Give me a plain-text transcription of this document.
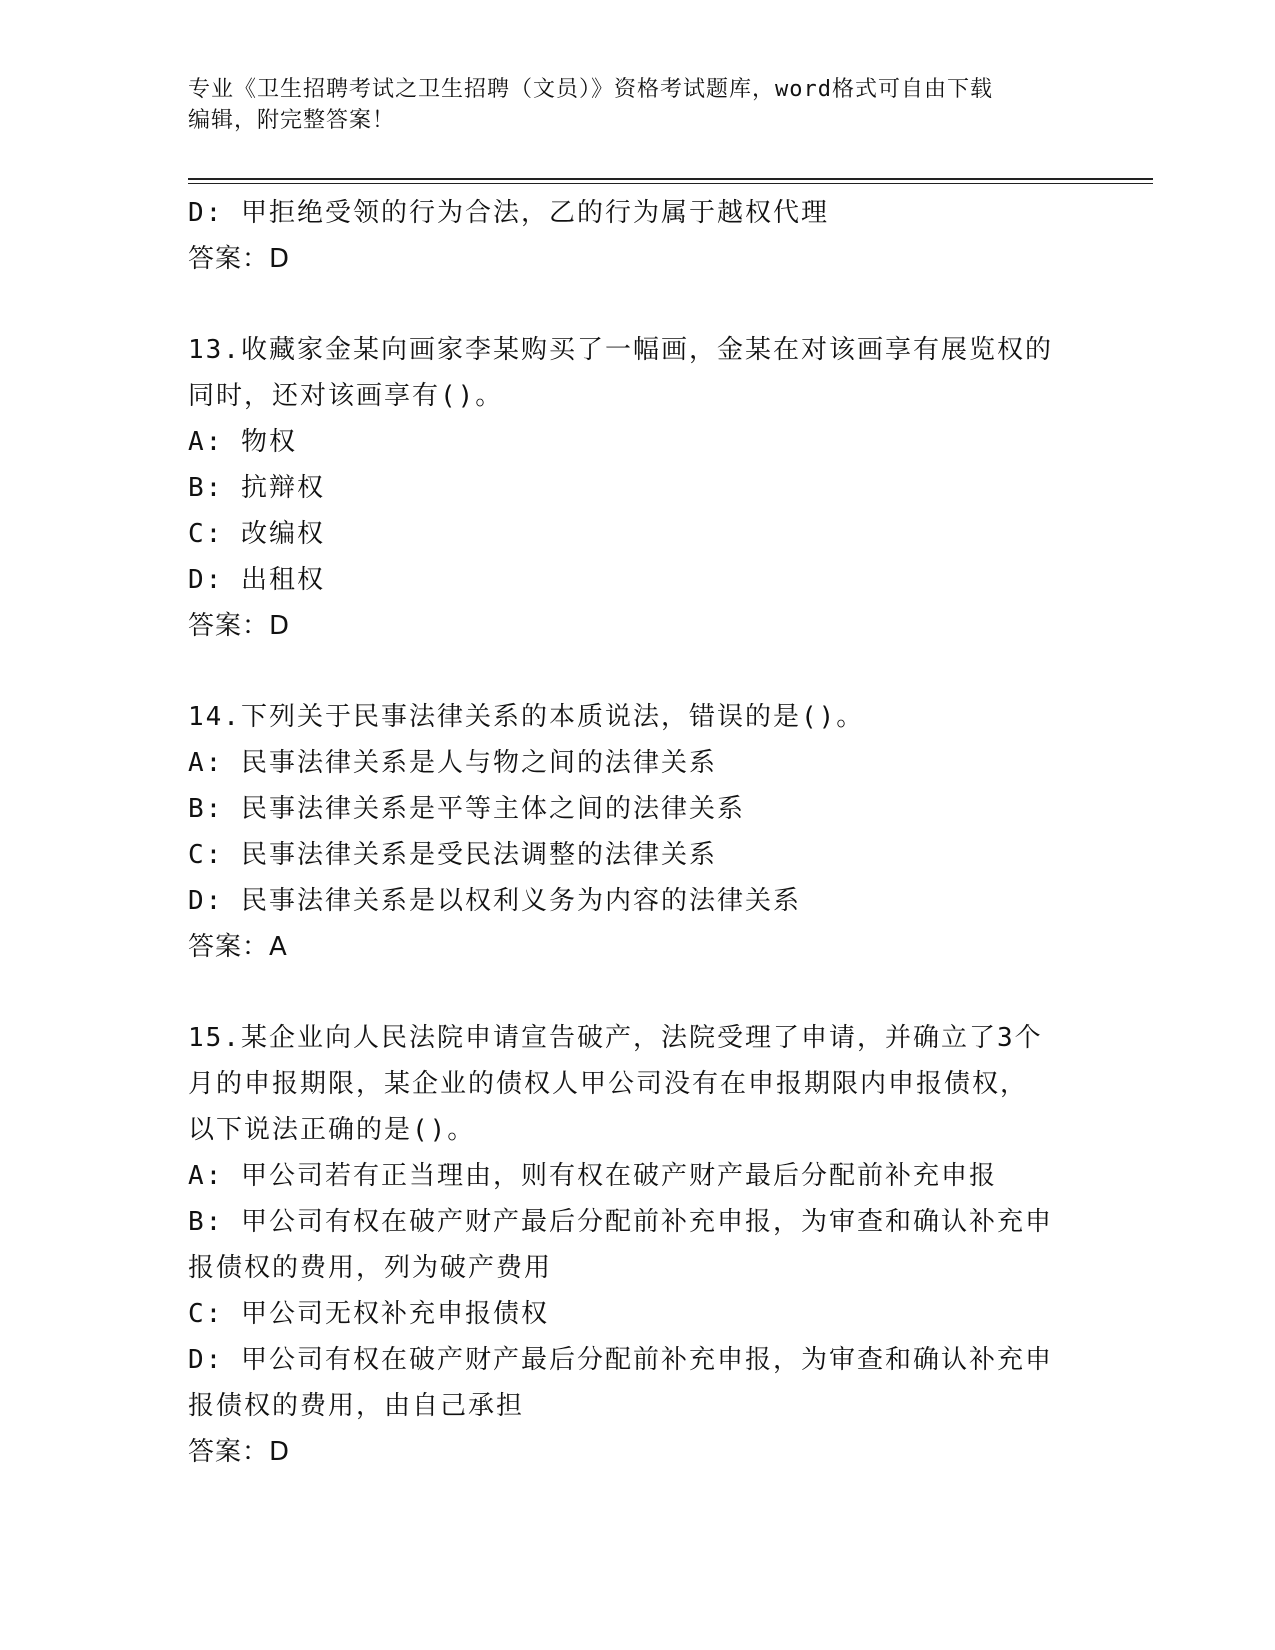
专业《卫生招聘考试之卫生招聘（文员）》资格考试题库，word格式可自由下载
编辑，附完整答案！
D: 甲拒绝受领的行为合法，乙的行为属于越权代理
答案：D
13.收藏家金某向画家李某购买了一幅画，金某在对该画享有展览权的
同时，还对该画享有()。
A: 物权
B: 抗辩权
C: 改编权
D: 出租权
答案：D
14.下列关于民事法律关系的本质说法，错误的是()。
A: 民事法律关系是人与物之间的法律关系
B: 民事法律关系是平等主体之间的法律关系
C: 民事法律关系是受民法调整的法律关系
D: 民事法律关系是以权利义务为内容的法律关系
答案：A
15.某企业向人民法院申请宣告破产，法院受理了申请，并确立了3个
月的申报期限，某企业的债权人甲公司没有在申报期限内申报债权，
以下说法正确的是()。
A: 甲公司若有正当理由，则有权在破产财产最后分配前补充申报
B: 甲公司有权在破产财产最后分配前补充申报，为审查和确认补充申
报债权的费用，列为破产费用
C: 甲公司无权补充申报债权
D: 甲公司有权在破产财产最后分配前补充申报，为审查和确认补充申
报债权的费用，由自己承担
答案：D
